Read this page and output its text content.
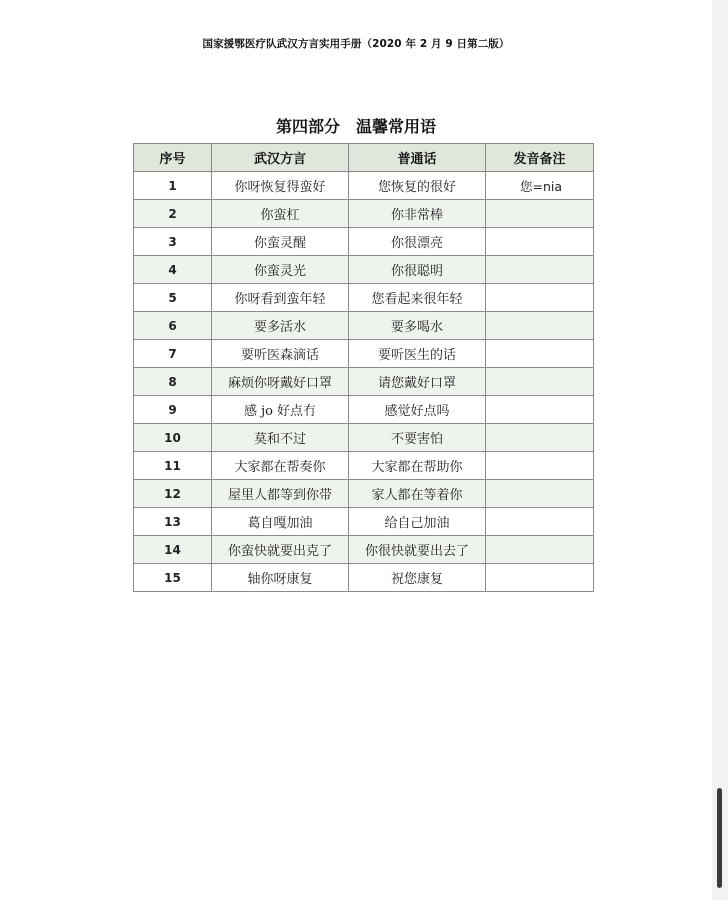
国家援鄂医疗队武汉方言实用手册（2020 年 2 月 9 日第二版）
第四部分　温馨常用语
序号	武汉方言	普通话	发音备注
1	你呀恢复得蛮好	您恢复的很好	您=nia
2	你蛮杠	你非常棒	
3	你蛮灵醒	你很漂亮	
4	你蛮灵光	你很聪明	
5	你呀看到蛮年轻	您看起来很年轻	
6	要多活水	要多喝水	
7	要听医森滴话	要听医生的话	
8	麻烦你呀戴好口罩	请您戴好口罩	
9	感 jo 好点冇	感觉好点吗	
10	莫和不过	不要害怕	
11	大家都在帮奏你	大家都在帮助你	
12	屋里人都等到你带	家人都在等着你	
13	葛自嘎加油	给自己加油	
14	你蛮快就要出克了	你很快就要出去了	
15	轴你呀康复	祝您康复	
